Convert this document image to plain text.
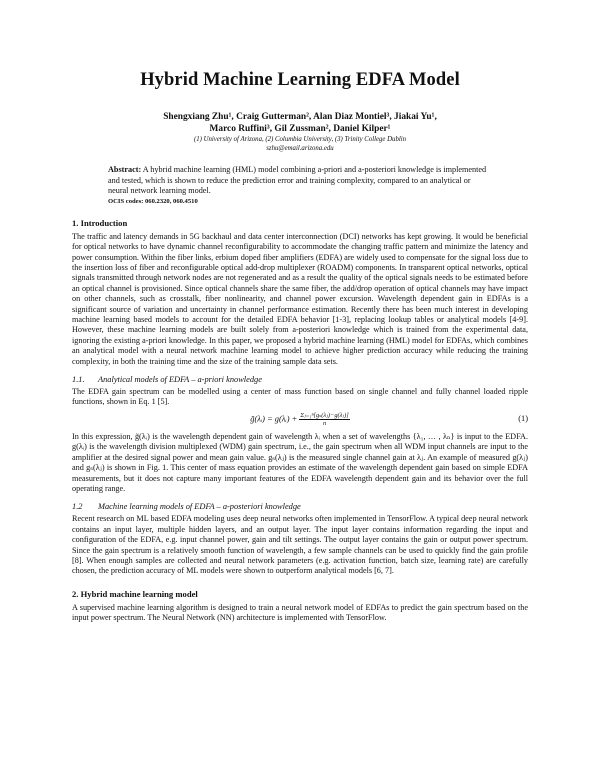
Hybrid Machine Learning EDFA Model

Shengxiang Zhu¹, Craig Gutterman², Alan Diaz Montiel³, Jiakai Yu¹,

Marco Ruffini³, Gil Zussman², Daniel Kilper¹

(1) University of Arizona, (2) Columbia University, (3) Trinity College Dublin

szhu@email.arizona.edu

Abstract: A hybrid machine learning (HML) model combining a-priori and a-posteriori knowledge is implemented and tested, which is shown to reduce the prediction error and training complexity, compared to an analytical or neural network learning model.
OCIS codes: 060.2320, 060.4510
1. Introduction

The traffic and latency demands in 5G backhaul and data center interconnection (DCI) networks has kept growing. It would be beneficial for optical networks to have dynamic channel reconfigurability to accommodate the changing traffic pattern and minimize the latency and power consumption. Within the fiber links, erbium doped fiber amplifiers (EDFA) are widely used to compensate for the signal loss due to the insertion loss of fiber and reconfigurable optical add-drop multiplexer (ROADM) components. In transparent optical networks, optical signals transmitted through network nodes are not regenerated and as a result the quality of the optical signals needs to be estimated before an optical channel is provisioned. Since optical channels share the same fiber, the add/drop operation of optical channels may have impact on other channels, such as crosstalk, fiber nonlinearity, and channel power excursion. Wavelength dependent gain in EDFAs is a significant source of variation and uncertainty in channel performance estimation. Recently there has been much interest in developing machine learning based models to account for the detailed EDFA behavior [1-3], replacing lookup tables or analytical models [4-9]. However, these machine learning models are built solely from a-posteriori knowledge which is trained from the experimental data, ignoring the existing a-priori knowledge. In this paper, we proposed a hybrid machine learning (HML) model for EDFAs, which combines an analytical model with a neural network machine learning model to achieve higher prediction accuracy while reducing the training complexity, in both the training time and the size of the training sample data sets.

1.1. Analytical models of EDFA – a-priori knowledge

The EDFA gain spectrum can be modelled using a center of mass function based on single channel and fully channel loaded ripple functions, shown in Eq. 1 [5].

g̃(λᵢ) = g(λᵢ) + $\frac{\text{Σⱼ₌₁ⁿ[gₛ(λⱼ)−g(λⱼ)]}}{n}$	(1)

In this expression, g̃(λᵢ) is the wavelength dependent gain of wavelength λᵢ when a set of wavelengths {λ₁, … , λₙ} is input to the EDFA. g(λᵢ) is the wavelength division multiplexed (WDM) gain spectrum, i.e., the gain spectrum when all WDM input channels are input to the amplifier at the desired signal power and mean gain value. gₛ(λⱼ) is the measured single channel gain at λⱼ. An example of measured g(λⱼ) and gₛ(λⱼ) is shown in Fig. 1. This center of mass equation provides an estimate of the wavelength dependent gain based on simple EDFA measurements, but it does not capture many important features of the EDFA wavelength dependent gain and its behavior over the full operating range.

1.2 Machine learning models of EDFA – a-posteriori knowledge

Recent research on ML based EDFA modeling uses deep neural networks often implemented in TensorFlow. A typical deep neural network contains an input layer, multiple hidden layers, and an output layer. The input layer contains information regarding the input and configuration of the EDFA, e.g. input channel power, gain and tilt settings. The output layer contains the gain or output power spectrum. Since the gain spectrum is a relatively smooth function of wavelength, a few sample channels can be used to quickly find the gain profile [8]. When enough samples are collected and neural network parameters (e.g. activation function, batch size, learning rate) are carefully chosen, the prediction accuracy of ML models were shown to outperform analytical models [6, 7].

2. Hybrid machine learning model

A supervised machine learning algorithm is designed to train a neural network model of EDFAs to predict the gain spectrum based on the input power spectrum. The Neural Network (NN) architecture is implemented with TensorFlow.
